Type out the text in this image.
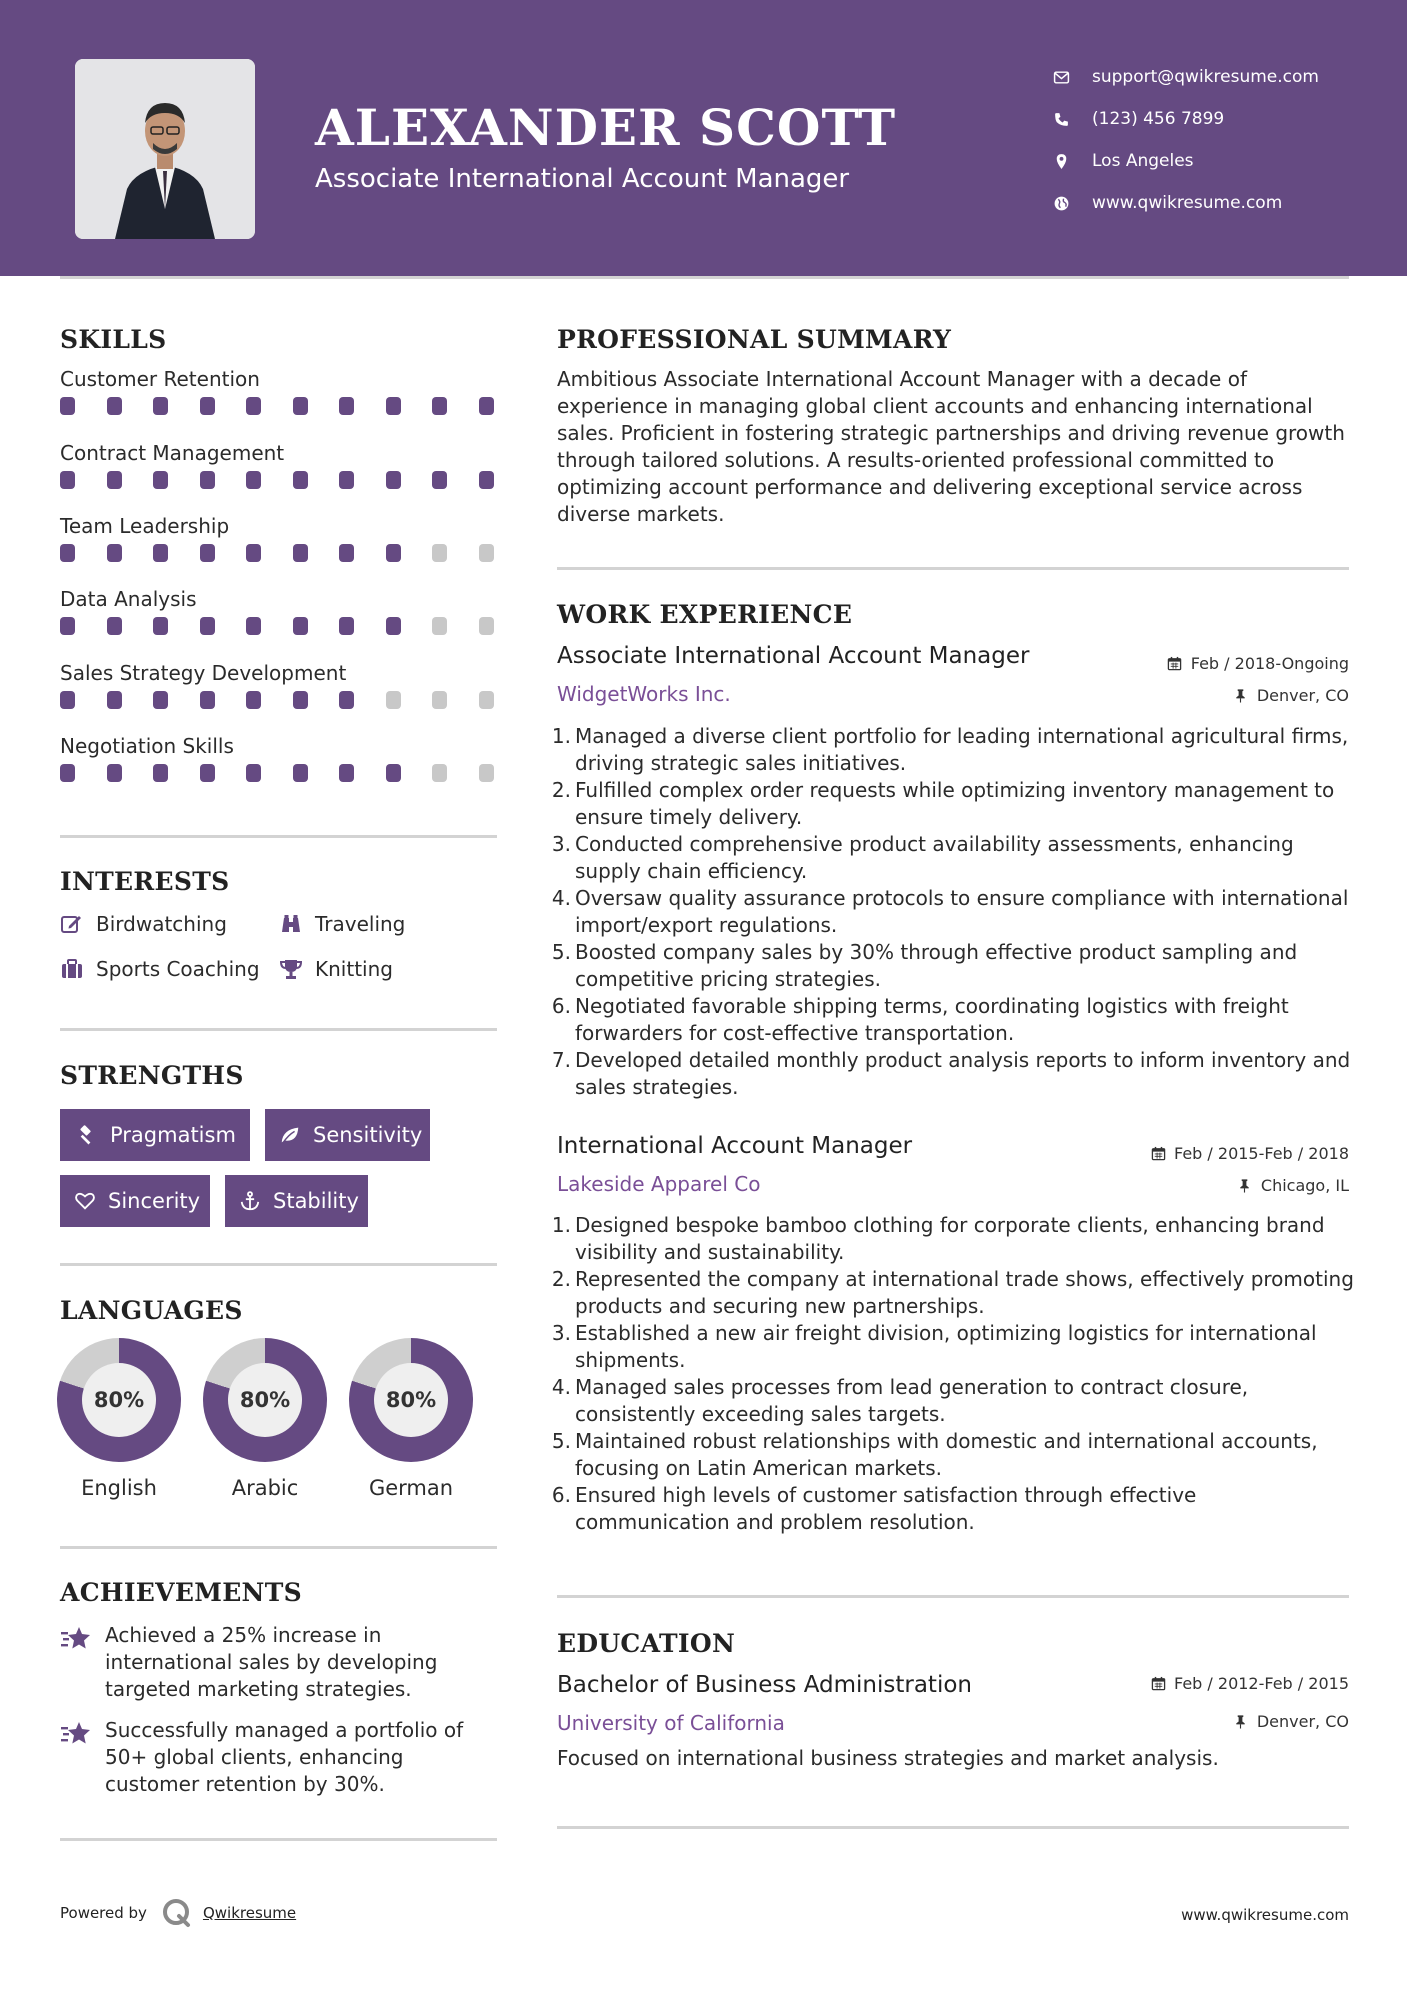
ALEXANDER SCOTT
Associate International Account Manager
support@qwikresume.com
(123) 456 7899
Los Angeles
www.qwikresume.com
SKILLS
Customer Retention
Contract Management
Team Leadership
Data Analysis
Sales Strategy Development
Negotiation Skills
INTERESTS
Birdwatching	Traveling
Sports Coaching	Knitting
STRENGTHS
Pragmatism	Sensitivity
Sincerity	Stability
LANGUAGES
80%
English
80%
Arabic
80%
German
ACHIEVEMENTS
Achieved a 25% increase in international sales by developing targeted marketing strategies.
Successfully managed a portfolio of 50+ global clients, enhancing customer retention by 30%.
PROFESSIONAL SUMMARY
Ambitious Associate International Account Manager with a decade of experience in managing global client accounts and enhancing international sales. Proficient in fostering strategic partnerships and driving revenue growth through tailored solutions. A results-oriented professional committed to optimizing account performance and delivering exceptional service across diverse markets.
WORK EXPERIENCE
Associate International Account Manager	Feb / 2018-Ongoing
WidgetWorks Inc.	Denver, CO
1. Managed a diverse client portfolio for leading international agricultural firms, driving strategic sales initiatives.
2. Fulfilled complex order requests while optimizing inventory management to ensure timely delivery.
3. Conducted comprehensive product availability assessments, enhancing supply chain efficiency.
4. Oversaw quality assurance protocols to ensure compliance with international import/export regulations.
5. Boosted company sales by 30% through effective product sampling and competitive pricing strategies.
6. Negotiated favorable shipping terms, coordinating logistics with freight forwarders for cost-effective transportation.
7. Developed detailed monthly product analysis reports to inform inventory and sales strategies.
International Account Manager	Feb / 2015-Feb / 2018
Lakeside Apparel Co	Chicago, IL
1. Designed bespoke bamboo clothing for corporate clients, enhancing brand visibility and sustainability.
2. Represented the company at international trade shows, effectively promoting products and securing new partnerships.
3. Established a new air freight division, optimizing logistics for international shipments.
4. Managed sales processes from lead generation to contract closure, consistently exceeding sales targets.
5. Maintained robust relationships with domestic and international accounts, focusing on Latin American markets.
6. Ensured high levels of customer satisfaction through effective communication and problem resolution.
EDUCATION
Bachelor of Business Administration	Feb / 2012-Feb / 2015
University of California	Denver, CO
Focused on international business strategies and market analysis.
Powered by	Qwikresume	www.qwikresume.com
